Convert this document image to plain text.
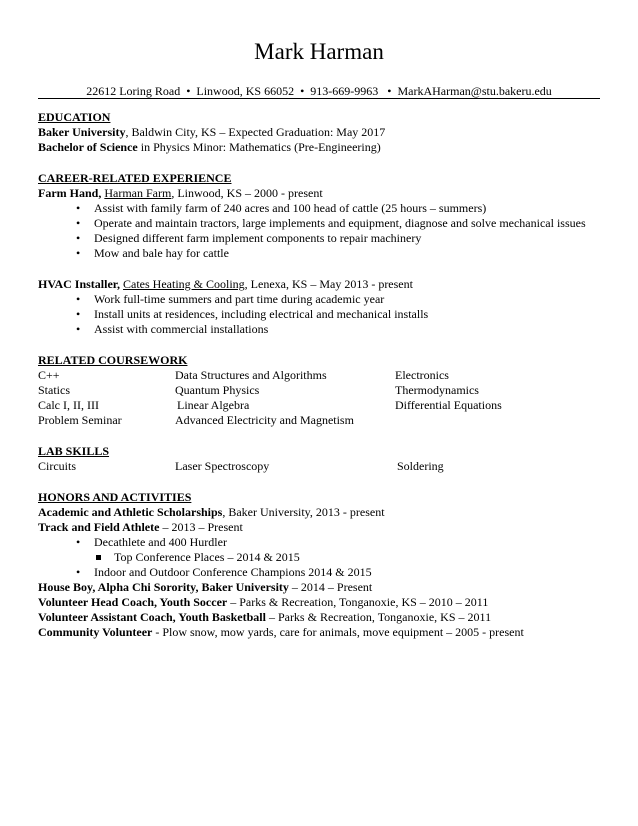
Mark Harman
22612 Loring Road  •  Linwood, KS 66052  •  913-669-9963   •  MarkAHarman@stu.bakeru.edu
EDUCATION
Baker University, Baldwin City, KS – Expected Graduation: May 2017
Bachelor of Science in Physics Minor: Mathematics (Pre-Engineering)
CAREER-RELATED EXPERIENCE
Farm Hand, Harman Farm, Linwood, KS – 2000 - present
• Assist with family farm of 240 acres and 100 head of cattle (25 hours – summers)
• Operate and maintain tractors, large implements and equipment, diagnose and solve mechanical issues
• Designed different farm implement components to repair machinery
• Mow and bale hay for cattle
HVAC Installer, Cates Heating & Cooling, Lenexa, KS – May 2013 - present
• Work full-time summers and part time during academic year
• Install units at residences, including electrical and mechanical installs
• Assist with commercial installations
RELATED COURSEWORK
C++	Data Structures and Algorithms	Electronics
Statics	Quantum Physics	Thermodynamics
Calc I, II, III	Linear Algebra	Differential Equations
Problem Seminar	Advanced Electricity and Magnetism
LAB SKILLS
Circuits	Laser Spectroscopy	Soldering
HONORS AND ACTIVITIES
Academic and Athletic Scholarships, Baker University, 2013 - present
Track and Field Athlete – 2013 – Present
• Decathlete and 400 Hurdler
Top Conference Places – 2014 & 2015
• Indoor and Outdoor Conference Champions 2014 & 2015
House Boy, Alpha Chi Sorority, Baker University – 2014 – Present
Volunteer Head Coach, Youth Soccer – Parks & Recreation, Tonganoxie, KS – 2010 – 2011
Volunteer Assistant Coach, Youth Basketball – Parks & Recreation, Tonganoxie, KS – 2011
Community Volunteer - Plow snow, mow yards, care for animals, move equipment – 2005 - present
